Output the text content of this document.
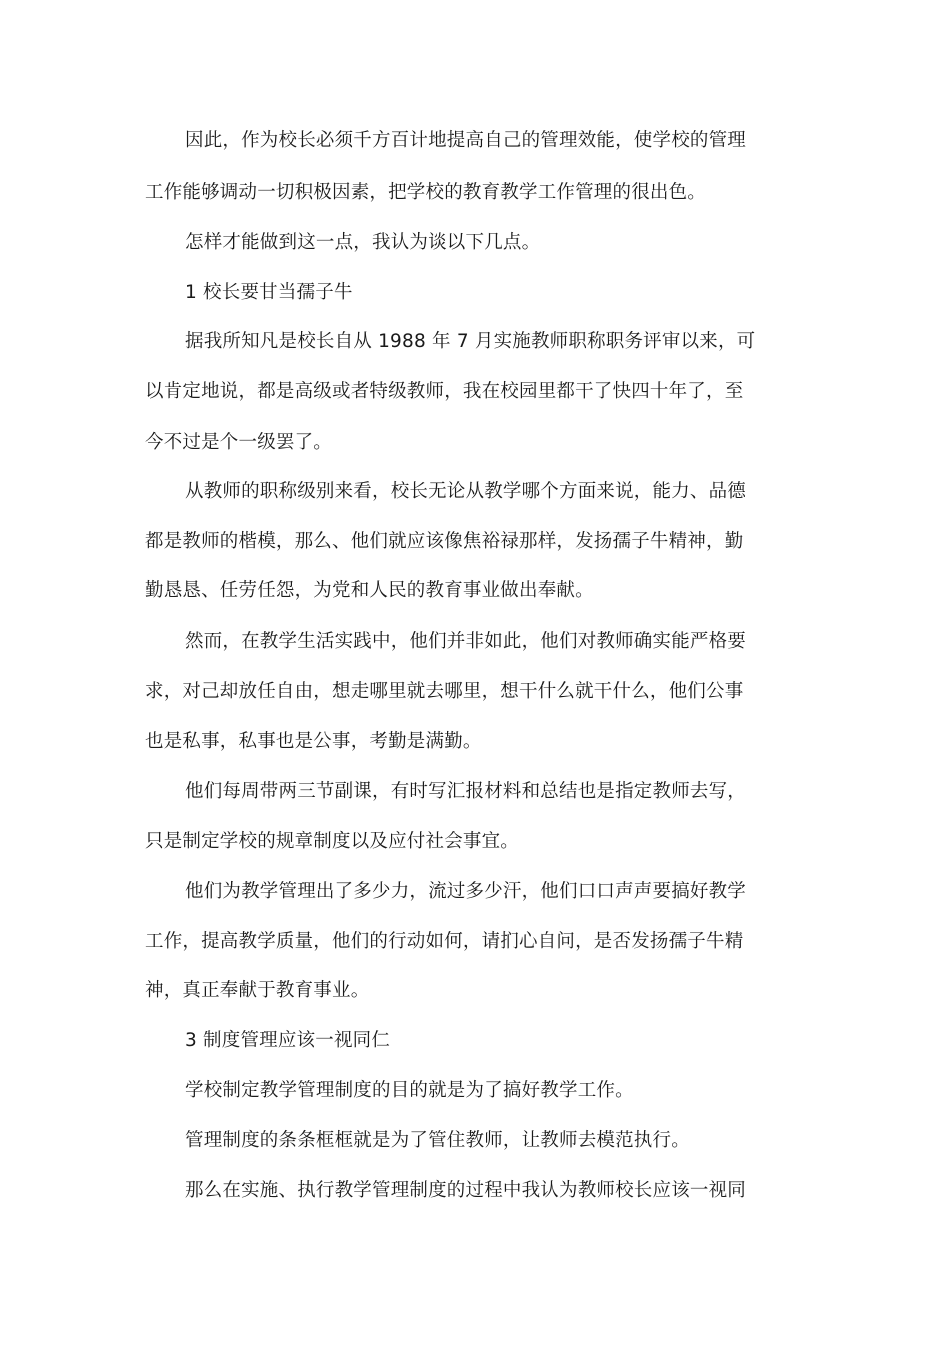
因此，作为校长必须千方百计地提高自己的管理效能，使学校的管理
工作能够调动一切积极因素，把学校的教育教学工作管理的很出色。
怎样才能做到这一点，我认为谈以下几点。
1 校长要甘当孺子牛
据我所知凡是校长自从 1988 年 7 月实施教师职称职务评审以来，可
以肯定地说，都是高级或者特级教师，我在校园里都干了快四十年了，至
今不过是个一级罢了。
从教师的职称级别来看，校长无论从教学哪个方面来说，能力、品德
都是教师的楷模，那么、他们就应该像焦裕禄那样，发扬孺子牛精神，勤
勤恳恳、任劳任怨，为党和人民的教育事业做出奉献。
然而，在教学生活实践中，他们并非如此，他们对教师确实能严格要
求，对己却放任自由，想走哪里就去哪里，想干什么就干什么，他们公事
也是私事，私事也是公事，考勤是满勤。
他们每周带两三节副课，有时写汇报材料和总结也是指定教师去写，
只是制定学校的规章制度以及应付社会事宜。
他们为教学管理出了多少力，流过多少汗，他们口口声声要搞好教学
工作，提高教学质量，他们的行动如何，请扪心自问，是否发扬孺子牛精
神，真正奉献于教育事业。
3 制度管理应该一视同仁
学校制定教学管理制度的目的就是为了搞好教学工作。
管理制度的条条框框就是为了管住教师，让教师去模范执行。
那么在实施、执行教学管理制度的过程中我认为教师校长应该一视同
